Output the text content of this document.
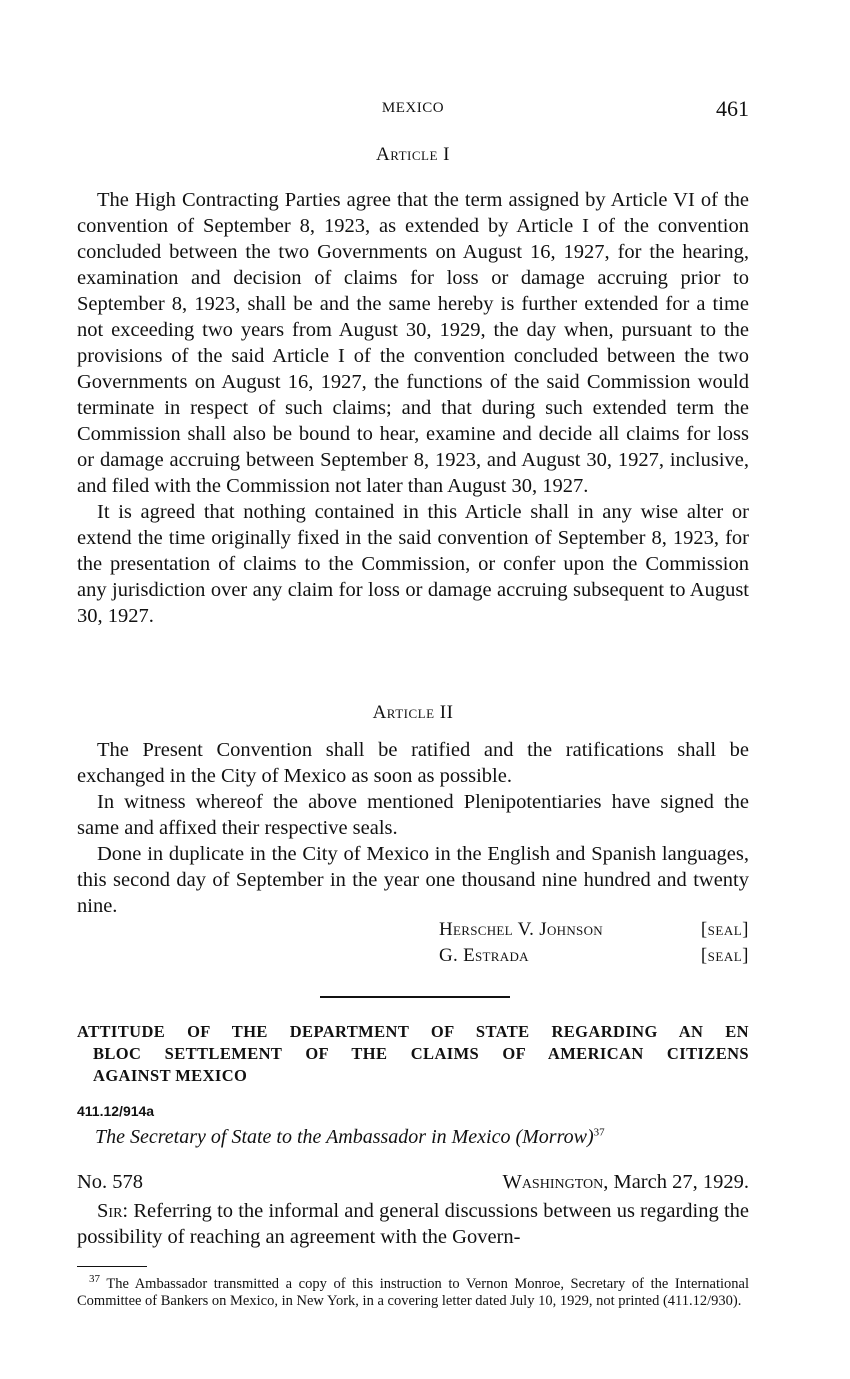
MEXICO	461
Article I

The High Contracting Parties agree that the term assigned by Article VI of the convention of September 8, 1923, as extended by Article I of the convention concluded between the two Governments on August 16, 1927, for the hearing, examination and decision of claims for loss or damage accruing prior to September 8, 1923, shall be and the same hereby is further extended for a time not exceeding two years from August 30, 1929, the day when, pursuant to the provisions of the said Article I of the convention concluded between the two Governments on August 16, 1927, the functions of the said Commission would terminate in respect of such claims; and that during such extended term the Commission shall also be bound to hear, examine and decide all claims for loss or damage accruing between September 8, 1923, and August 30, 1927, inclusive, and filed with the Commission not later than August 30, 1927.

It is agreed that nothing contained in this Article shall in any wise alter or extend the time originally fixed in the said convention of September 8, 1923, for the presentation of claims to the Commission, or confer upon the Commission any jurisdiction over any claim for loss or damage accruing subsequent to August 30, 1927.

Article II

The Present Convention shall be ratified and the ratifications shall be exchanged in the City of Mexico as soon as possible.

In witness whereof the above mentioned Plenipotentiaries have signed the same and affixed their respective seals.

Done in duplicate in the City of Mexico in the English and Spanish languages, this second day of September in the year one thousand nine hundred and twenty nine.

Herschel V. Johnson	[seal]
G. Estrada	[seal]
ATTITUDE OF THE DEPARTMENT OF STATE REGARDING AN EN
BLOC SETTLEMENT OF THE CLAIMS OF AMERICAN CITIZENS
AGAINST MEXICO
411.12/914a
The Secretary of State to the Ambassador in Mexico (Morrow)$^{37}$
No. 578	Washington, March 27, 1929.

Sir: Referring to the informal and general discussions between us regarding the possibility of reaching an agreement with the Govern-

$^{37}$ The Ambassador transmitted a copy of this instruction to Vernon Monroe, Secretary of the International Committee of Bankers on Mexico, in New York, in a covering letter dated July 10, 1929, not printed (411.12/930).
